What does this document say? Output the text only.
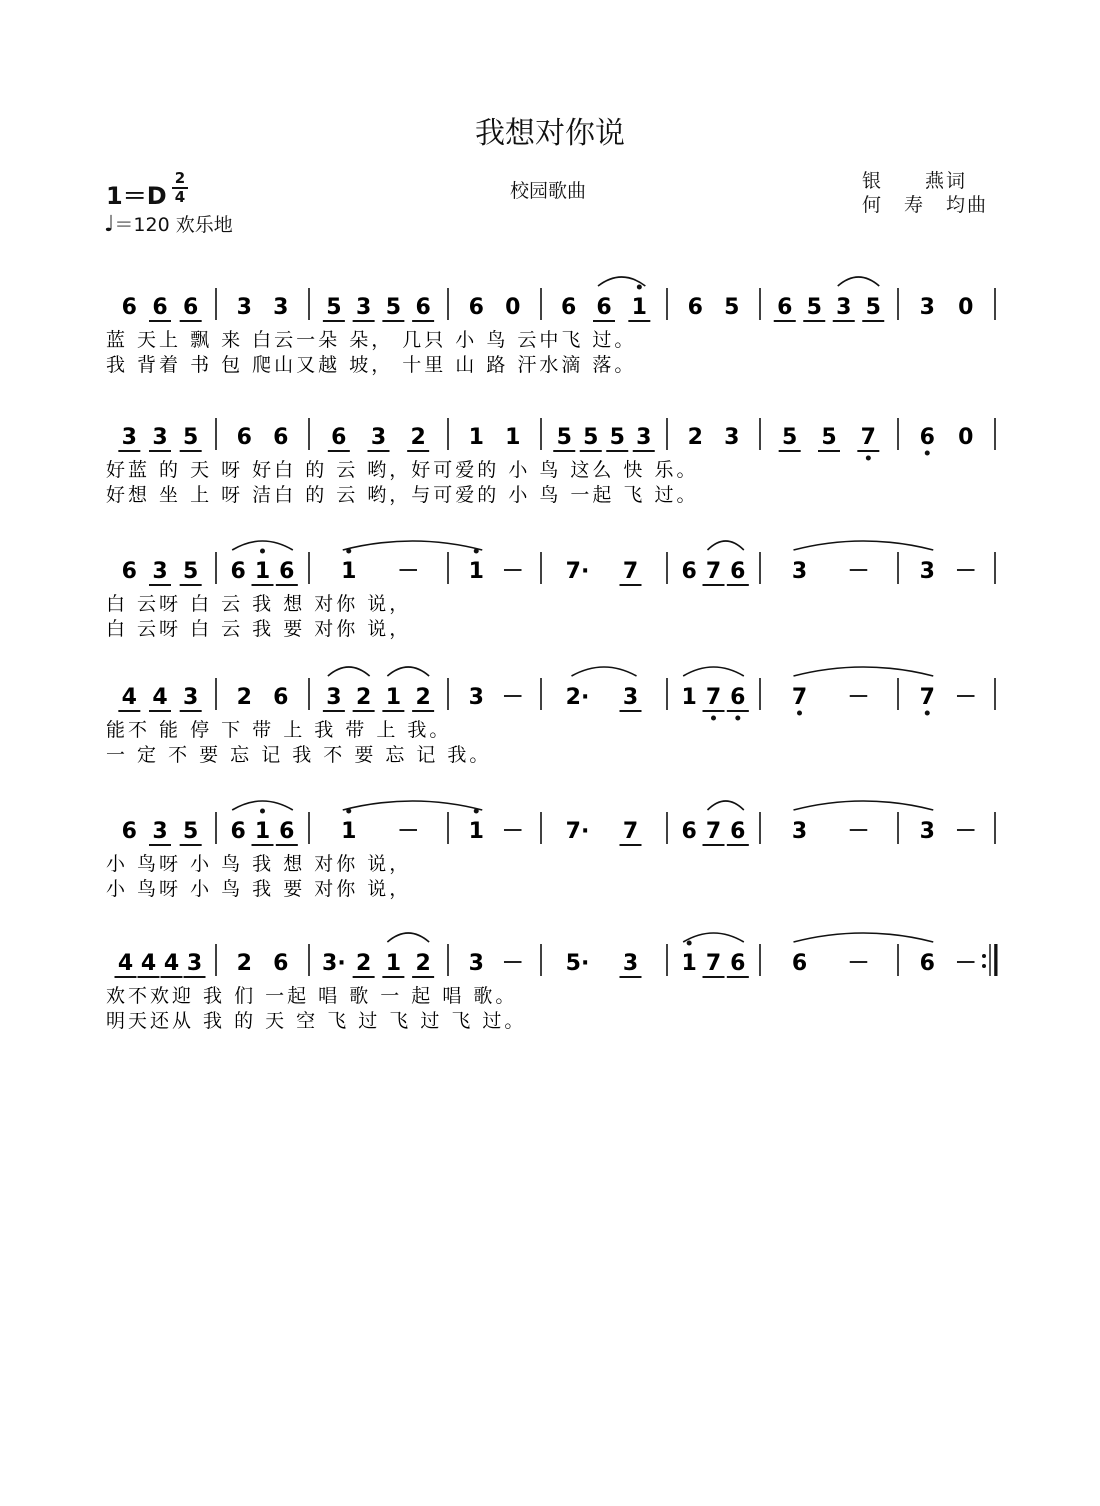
我想对你说
1＝D
2
4
♩＝120 欢乐地
校园歌曲	银　　燕词
何　寿　均曲
6 6 6 3 3 5 3 5 6 6 0 6 6 1 6 5 6 5 3 5 3 0
蓝 天上 飘 来 白云一朵 朵， 几只 小 鸟 云中飞 过。
我 背着 书 包 爬山又越 坡， 十里 山 路 汗水滴 落。
3 3 5 6 6 6 3 2 1 1 5 5 5 3 2 3 5 5 7 6 0
好蓝 的 天 呀 好白 的 云 哟，好可爱的 小 鸟 这么 快 乐。
好想 坐 上 呀 洁白 的 云 哟，与可爱的 小 鸟 一起 飞 过。
6 3 5 6 1 6 1 － 1 － 7· 7 6 7 6 3 － 3 －
白 云呀 白 云 我 想 对你 说，
白 云呀 白 云 我 要 对你 说，
4 4 3 2 6 3 2 1 2 3 － 2· 3 1 7 6 7 － 7 －
能不 能 停 下 带 上 我 带 上 我。
一 定 不 要 忘 记 我 不 要 忘 记 我。
6 3 5 6 1 6 1 － 1 － 7· 7 6 7 6 3 － 3 －
小 鸟呀 小 鸟 我 想 对你 说，
小 鸟呀 小 鸟 我 要 对你 说，
4 4 4 3 2 6 3· 2 1 2 3 － 5· 3 1 7 6 6 － 6 －
欢不欢迎 我 们 一起 唱 歌 一 起 唱 歌。
明天还从 我 的 天 空 飞 过 飞 过 飞 过。
